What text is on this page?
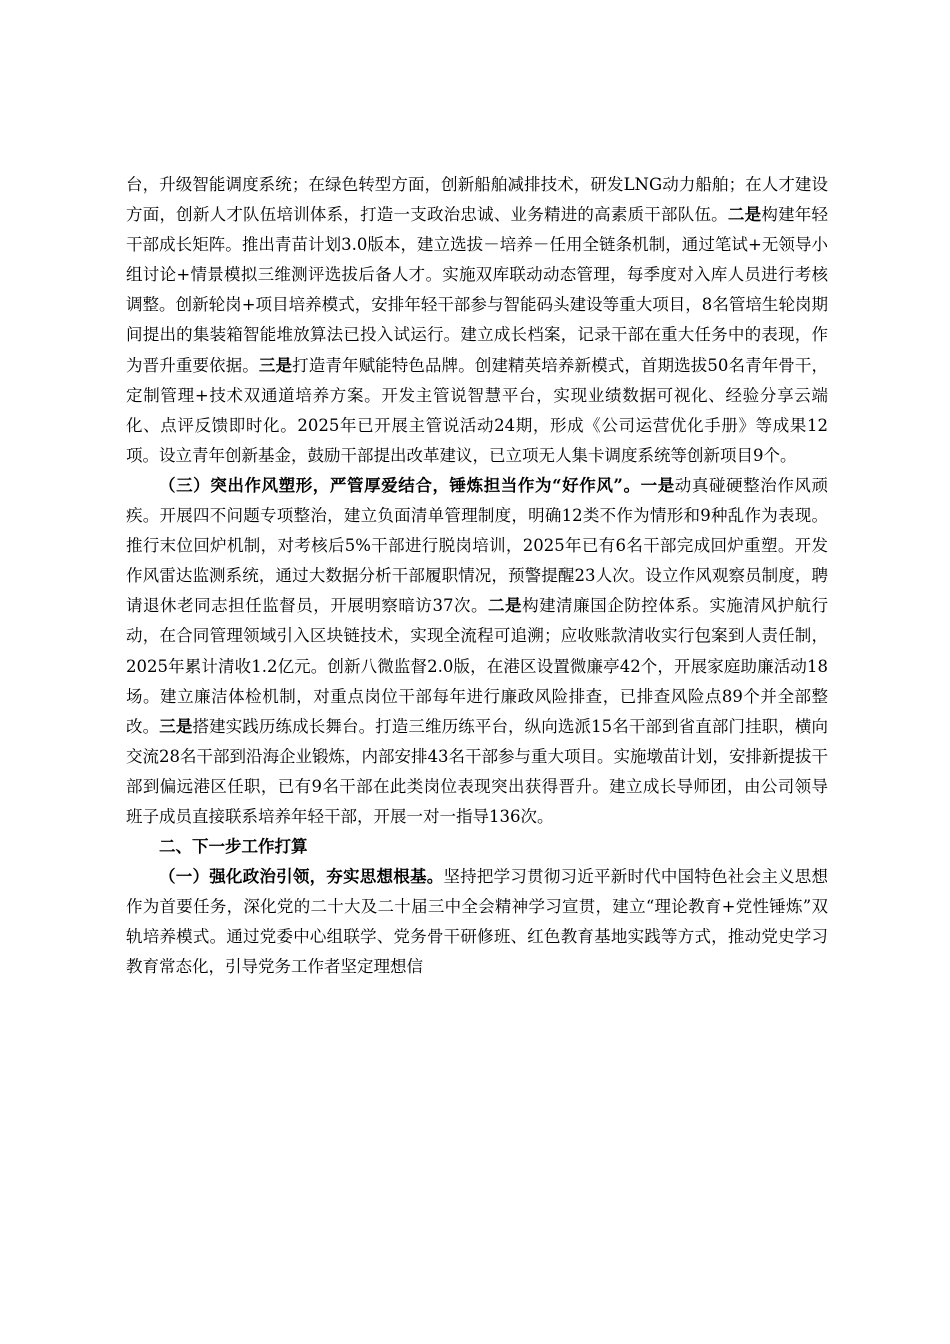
台，升级智能调度系统；在绿色转型方面，创新船舶减排技术，研发LNG动力船舶；在人才建设方面，创新人才队伍培训体系，打造一支政治忠诚、业务精进的高素质干部队伍。二是构建年轻干部成长矩阵。推出青苗计划3.0版本，建立选拔－培养－任用全链条机制，通过笔试+无领导小组讨论+情景模拟三维测评选拔后备人才。实施双库联动动态管理，每季度对入库人员进行考核调整。创新轮岗+项目培养模式，安排年轻干部参与智能码头建设等重大项目，8名管培生轮岗期间提出的集装箱智能堆放算法已投入试运行。建立成长档案，记录干部在重大任务中的表现，作为晋升重要依据。三是打造青年赋能特色品牌。创建精英培养新模式，首期选拔50名青年骨干，定制管理+技术双通道培养方案。开发主管说智慧平台，实现业绩数据可视化、经验分享云端化、点评反馈即时化。2025年已开展主管说活动24期，形成《公司运营优化手册》等成果12项。设立青年创新基金，鼓励干部提出改革建议，已立项无人集卡调度系统等创新项目9个。

（三）突出作风塑形，严管厚爱结合，锤炼担当作为“好作风”。一是动真碰硬整治作风顽疾。开展四不问题专项整治，建立负面清单管理制度，明确12类不作为情形和9种乱作为表现。推行末位回炉机制，对考核后5%干部进行脱岗培训，2025年已有6名干部完成回炉重塑。开发作风雷达监测系统，通过大数据分析干部履职情况，预警提醒23人次。设立作风观察员制度，聘请退休老同志担任监督员，开展明察暗访37次。二是构建清廉国企防控体系。实施清风护航行动，在合同管理领域引入区块链技术，实现全流程可追溯；应收账款清收实行包案到人责任制，2025年累计清收1.2亿元。创新八微监督2.0版，在港区设置微廉亭42个，开展家庭助廉活动18场。建立廉洁体检机制，对重点岗位干部每年进行廉政风险排查，已排查风险点89个并全部整改。三是搭建实践历练成长舞台。打造三维历练平台，纵向选派15名干部到省直部门挂职，横向交流28名干部到沿海企业锻炼，内部安排43名干部参与重大项目。实施墩苗计划，安排新提拔干部到偏远港区任职，已有9名干部在此类岗位表现突出获得晋升。建立成长导师团，由公司领导班子成员直接联系培养年轻干部，开展一对一指导136次。

二、下一步工作打算

（一）强化政治引领，夯实思想根基。坚持把学习贯彻习近平新时代中国特色社会主义思想作为首要任务，深化党的二十大及二十届三中全会精神学习宣贯，建立“理论教育+党性锤炼”双轨培养模式。通过党委中心组联学、党务骨干研修班、红色教育基地实践等方式，推动党史学习教育常态化，引导党务工作者坚定理想信
